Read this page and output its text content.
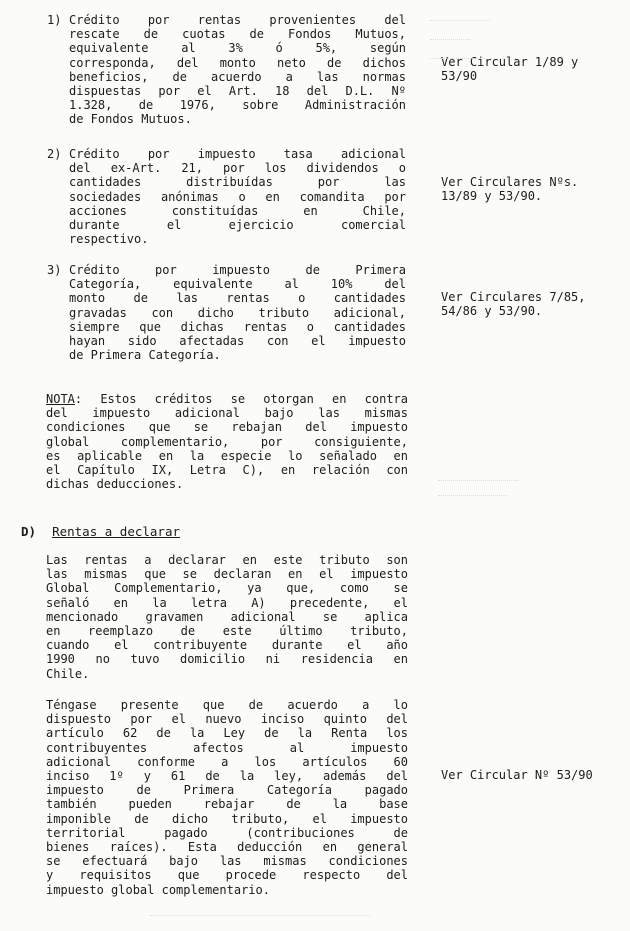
1) Crédito por rentas provenientes del
rescate de cuotas de Fondos Mutuos,
equivalente al 3% ó 5%, según
corresponda, del monto neto de dichos
beneficios, de acuerdo a las normas
dispuestas por el Art. 18 del D.L. Nº
1.328, de 1976, sobre Administración
de Fondos Mutuos.
Ver Circular 1/89 y
53/90
2) Crédito por impuesto tasa adicional
del ex-Art. 21, por los dividendos o
cantidades distribuídas por las
sociedades anónimas o en comandita por
acciones constituídas en Chile,
durante el ejercicio comercial
respectivo.
Ver Circulares Nºs.
13/89 y 53/90.
3) Crédito por impuesto de Primera
Categoría, equivalente al 10% del
monto de las rentas o cantidades
gravadas con dicho tributo adicional,
siempre que dichas rentas o cantidades
hayan sido afectadas con el impuesto
de Primera Categoría.
Ver Circulares 7/85,
54/86 y 53/90.
NOTA: Estos créditos se otorgan en contra
del impuesto adicional bajo las mismas
condiciones que se rebajan del impuesto
global complementario, por consiguiente,
es aplicable en la especie lo señalado en
el Capítulo IX, Letra C), en relación con
dichas deducciones.
D) Rentas a declarar
Las rentas a declarar en este tributo son
las mismas que se declaran en el impuesto
Global Complementario, ya que, como se
señaló en la letra A) precedente, el
mencionado gravamen adicional se aplica
en reemplazo de este último tributo,
cuando el contribuyente durante el año
1990 no tuvo domicilio ni residencia en
Chile.
Téngase presente que de acuerdo a lo
dispuesto por el nuevo inciso quinto del
artículo 62 de la Ley de la Renta los
contribuyentes afectos al impuesto
adicional conforme a los artículos 60
inciso 1º y 61 de la ley, además del
impuesto de Primera Categoría pagado
también pueden rebajar de la base
imponible de dicho tributo, el impuesto
territorial pagado (contribuciones de
bienes raíces). Esta deducción en general
se efectuará bajo las mismas condiciones
y requisitos que procede respecto del
impuesto global complementario.
Ver Circular Nº 53/90
